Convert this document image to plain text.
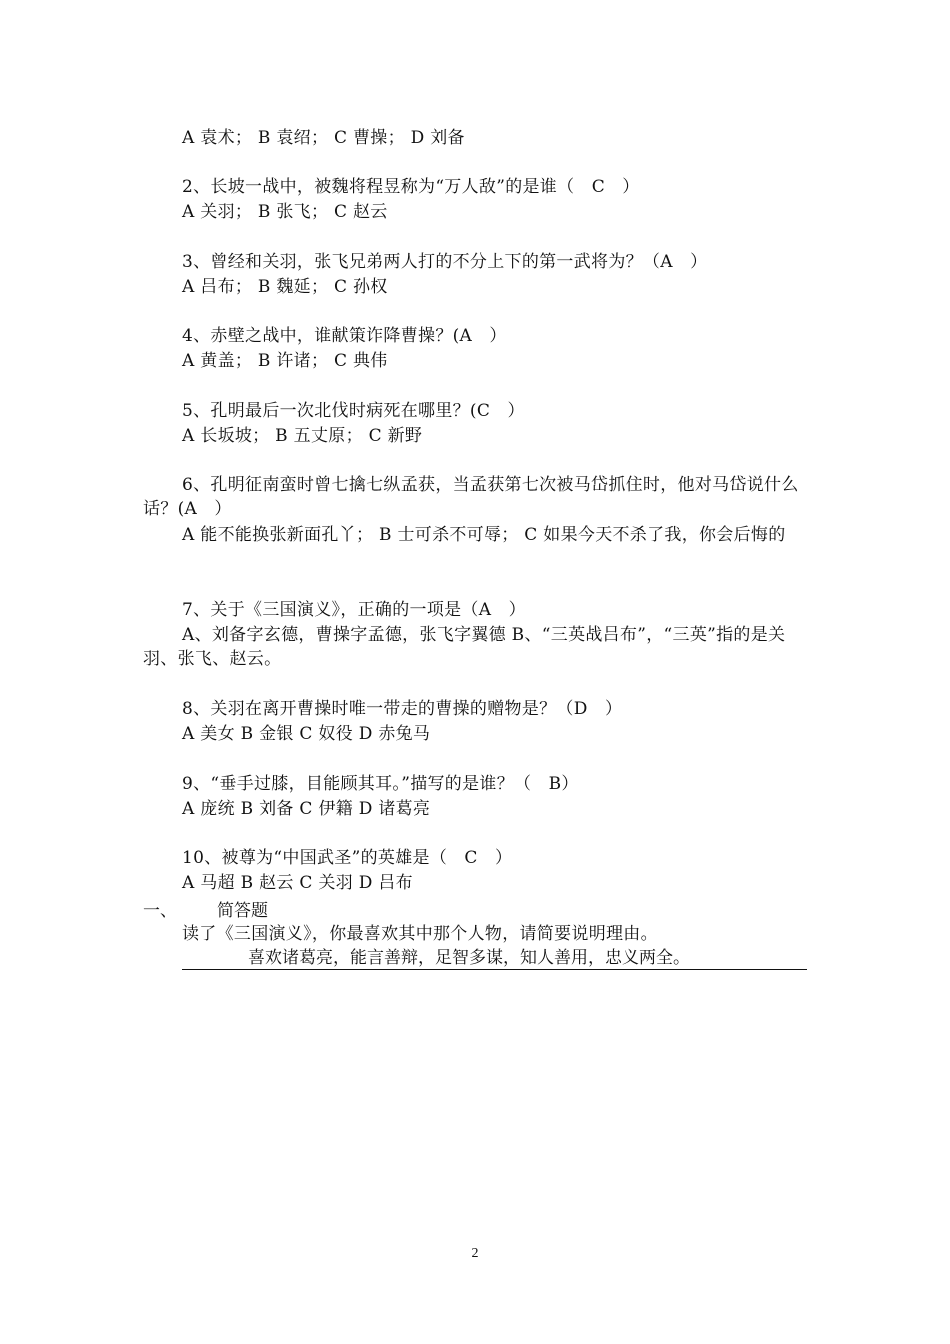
A 袁术； B 袁绍； C 曹操； D 刘备
2、长坡一战中，被魏将程昱称为“万人敌”的是谁（　C　）
A 关羽； B 张飞； C 赵云
3、曾经和关羽，张飞兄弟两人打的不分上下的第一武将为？（A　）
A 吕布； B 魏延； C 孙权
4、赤壁之战中，谁献策诈降曹操？(A　）
A 黄盖； B 许诸； C 典伟
5、孔明最后一次北伐时病死在哪里？(C　）
A 长坂坡； B 五丈原； C 新野
6、孔明征南蛮时曾七擒七纵孟获，当孟获第七次被马岱抓住时，他对马岱说什么话？(A　）
A 能不能换张新面孔丫； B 士可杀不可辱； C 如果今天不杀了我，你会后悔的
7、关于《三国演义》，正确的一项是（A　）
A、刘备字玄德，曹操字孟德，张飞字翼德 B、“三英战吕布”，“三英”指的是关羽、张飞、赵云。
8、关羽在离开曹操时唯一带走的曹操的赠物是？（D　）
A 美女 B 金银 C 奴役 D 赤兔马
9、“垂手过膝，目能顾其耳。”描写的是谁？（　B）
A 庞统 B 刘备 C 伊籍 D 诸葛亮
10、被尊为“中国武圣”的英雄是（　C　）
A 马超 B 赵云 C 关羽 D 吕布
一、 简答题
读了《三国演义》，你最喜欢其中那个人物，请简要说明理由。
喜欢诸葛亮，能言善辩，足智多谋，知人善用，忠义两全。
2
